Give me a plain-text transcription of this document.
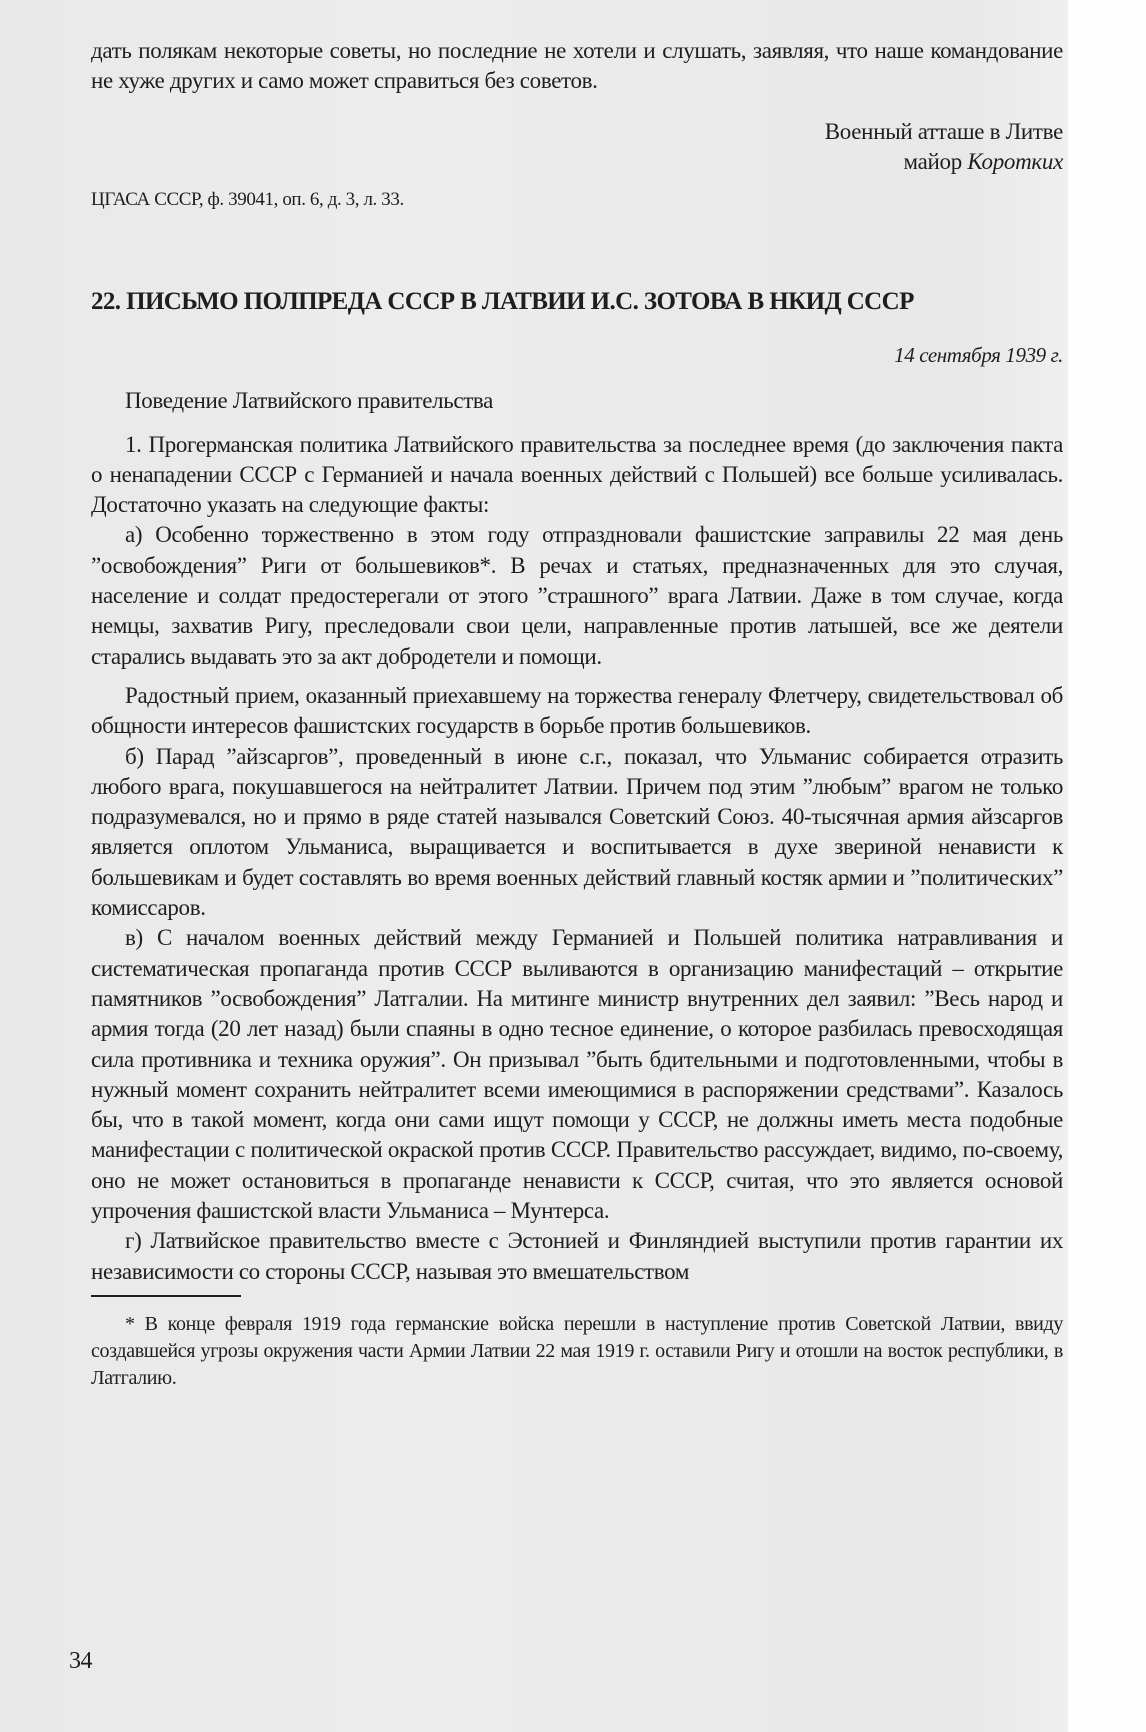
дать полякам некоторые советы, но последние не хотели и слушать, заявляя, что наше командование не хуже других и само может справиться без советов.

Военный атташе в Литве
майор Коротких
ЦГАСА СССР, ф. 39041, оп. 6, д. 3, л. 33.
22. ПИСЬМО ПОЛПРЕДА СССР В ЛАТВИИ И.С. ЗОТОВА В НКИД СССР
14 сентября 1939 г.
Поведение Латвийского правительства

1. Прогерманская политика Латвийского правительства за последнее время (до заключения пакта о ненападении СССР с Германией и начала военных действий с Польшей) все больше усиливалась. Достаточно указать на следующие факты:

а) Особенно торжественно в этом году отпраздновали фашистские заправилы 22 мая день ”освобождения” Риги от большевиков*. В речах и статьях, предназначенных для это случая, население и солдат предостерегали от этого ”страшного” врага Латвии. Даже в том случае, когда немцы, захватив Ригу, преследовали свои цели, направленные против латышей, все же деятели старались выдавать это за акт добродетели и помощи.

Радостный прием, оказанный приехавшему на торжества генералу Флетчеру, свидетельствовал об общности интересов фашистских государств в борьбе против большевиков.

б) Парад ”айзсаргов”, проведенный в июне с.г., показал, что Ульманис собирается отразить любого врага, покушавшегося на нейтралитет Латвии. Причем под этим ”любым” врагом не только подразумевался, но и прямо в ряде статей назывался Советский Союз. 40-тысячная армия айзсаргов является оплотом Ульманиса, выращивается и воспитывается в духе звериной ненависти к большевикам и будет составлять во время военных действий главный костяк армии и ”политических” комиссаров.

в) С началом военных действий между Германией и Польшей политика натравливания и систематическая пропаганда против СССР выливаются в организацию манифестаций – открытие памятников ”освобождения” Латгалии. На митинге министр внутренних дел заявил: ”Весь народ и армия тогда (20 лет назад) были спаяны в одно тесное единение, о которое разбилась превосходящая сила противника и техника оружия”. Он призывал ”быть бдительными и подготовленными, чтобы в нужный момент сохранить нейтралитет всеми имеющимися в распоряжении средствами”. Казалось бы, что в такой момент, когда они сами ищут помощи у СССР, не должны иметь места подобные манифестации с политической окраской против СССР. Правительство рассуждает, видимо, по-своему, оно не может остановиться в пропаганде ненависти к СССР, считая, что это является основой упрочения фашистской власти Ульманиса – Мунтерса.

г) Латвийское правительство вместе с Эстонией и Финляндией выступили против гарантии их независимости со стороны СССР, называя это вмешательством

* В конце февраля 1919 года германские войска перешли в наступление против Советской Латвии, ввиду создавшейся угрозы окружения части Армии Латвии 22 мая 1919 г. оставили Ригу и отошли на восток республики, в Латгалию.

34
